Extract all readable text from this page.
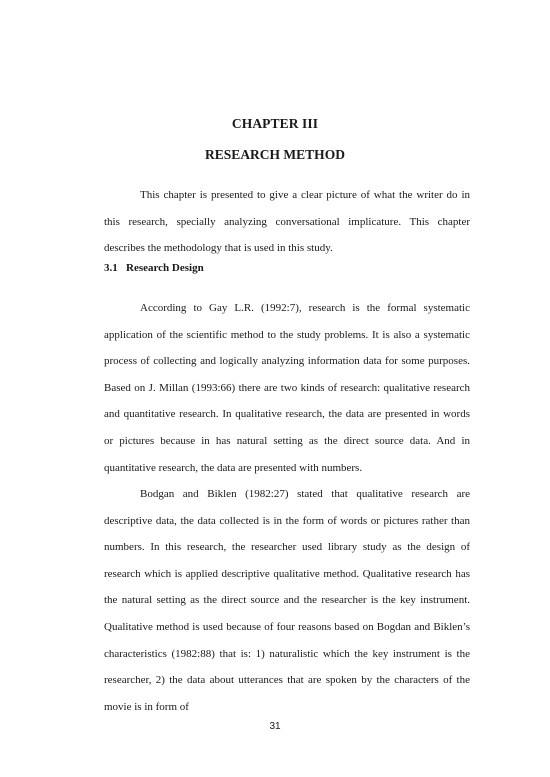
CHAPTER III
RESEARCH METHOD

This chapter is presented to give a clear picture of what the writer do in this research, specially analyzing conversational implicature. This chapter describes the methodology that is used in this study.

3.1 Research Design

According to Gay L.R. (1992:7), research is the formal systematic application of the scientific method to the study problems. It is also a systematic process of collecting and logically analyzing information data for some purposes. Based on J. Millan (1993:66) there are two kinds of research: qualitative research and quantitative research. In qualitative research, the data are presented in words or pictures because in has natural setting as the direct source data. And in quantitative research, the data are presented with numbers.

Bodgan and Biklen (1982:27) stated that qualitative research are descriptive data, the data collected is in the form of words or pictures rather than numbers. In this research, the researcher used library study as the design of research which is applied descriptive qualitative method. Qualitative research has the natural setting as the direct source and the researcher is the key instrument. Qualitative method is used because of four reasons based on Bogdan and Biklen’s characteristics (1982:88) that is: 1) naturalistic which the key instrument is the researcher, 2) the data about utterances that are spoken by the characters of the movie is in form of

31
